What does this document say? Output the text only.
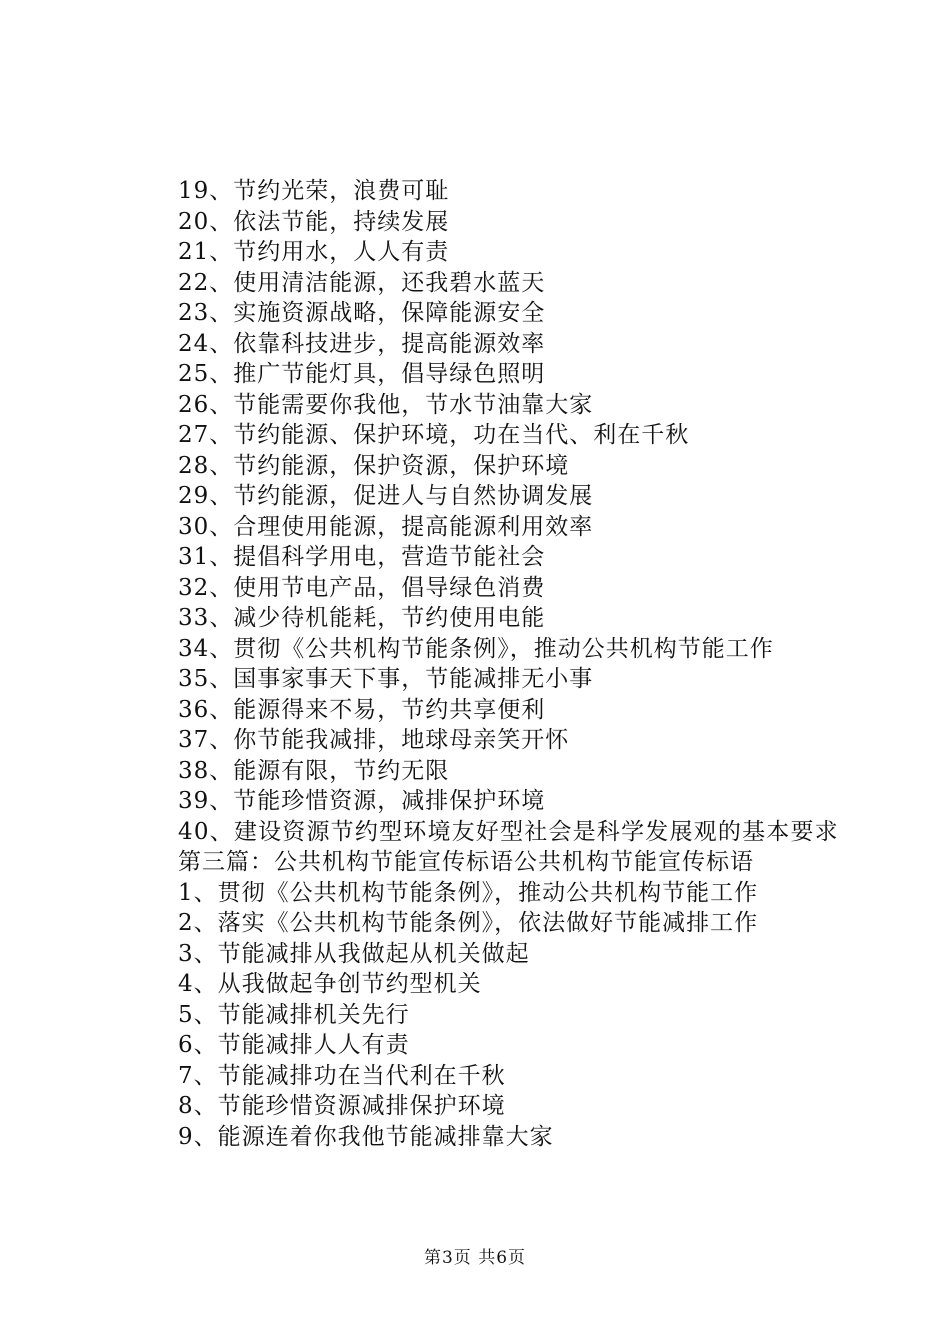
19、节约光荣，浪费可耻
20、依法节能，持续发展
21、节约用水，人人有责
22、使用清洁能源，还我碧水蓝天
23、实施资源战略，保障能源安全
24、依靠科技进步，提高能源效率
25、推广节能灯具，倡导绿色照明
26、节能需要你我他，节水节油靠大家
27、节约能源、保护环境，功在当代、利在千秋
28、节约能源，保护资源，保护环境
29、节约能源，促进人与自然协调发展
30、合理使用能源，提高能源利用效率
31、提倡科学用电，营造节能社会
32、使用节电产品，倡导绿色消费
33、减少待机能耗，节约使用电能
34、贯彻《公共机构节能条例》，推动公共机构节能工作
35、国事家事天下事，节能减排无小事
36、能源得来不易，节约共享便利
37、你节能我减排，地球母亲笑开怀
38、能源有限，节约无限
39、节能珍惜资源，减排保护环境
40、建设资源节约型环境友好型社会是科学发展观的基本要求
第三篇：公共机构节能宣传标语公共机构节能宣传标语
1、贯彻《公共机构节能条例》，推动公共机构节能工作
2、落实《公共机构节能条例》，依法做好节能减排工作
3、节能减排从我做起从机关做起
4、从我做起争创节约型机关
5、节能减排机关先行
6、节能减排人人有责
7、节能减排功在当代利在千秋
8、节能珍惜资源减排保护环境
9、能源连着你我他节能减排靠大家
第3页 共6页
